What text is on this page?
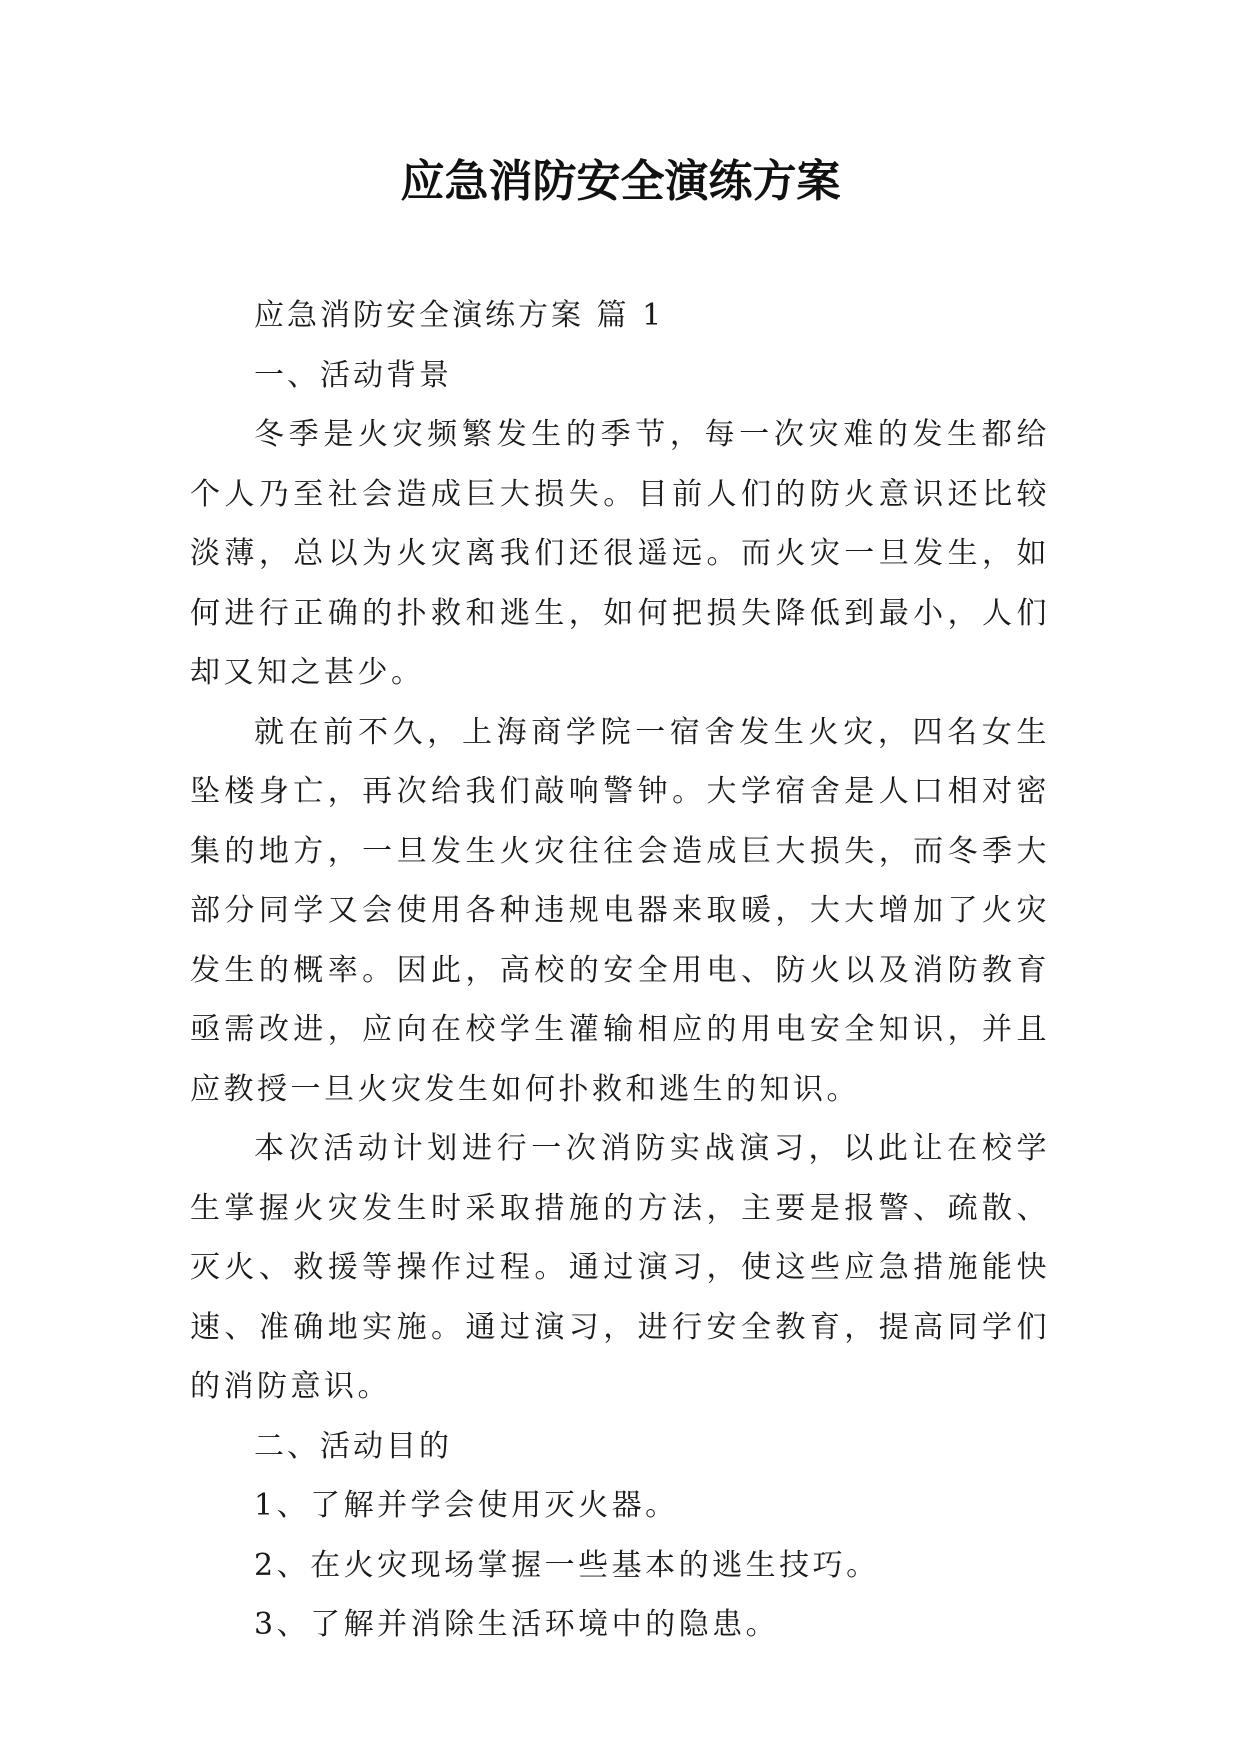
应急消防安全演练方案

应急消防安全演练方案 篇 1

一、活动背景

冬季是火灾频繁发生的季节，每一次灾难的发生都给个人乃至社会造成巨大损失。目前人们的防火意识还比较淡薄，总以为火灾离我们还很遥远。而火灾一旦发生，如何进行正确的扑救和逃生，如何把损失降低到最小，人们却又知之甚少。

就在前不久，上海商学院一宿舍发生火灾，四名女生坠楼身亡，再次给我们敲响警钟。大学宿舍是人口相对密集的地方，一旦发生火灾往往会造成巨大损失，而冬季大部分同学又会使用各种违规电器来取暖，大大增加了火灾发生的概率。因此，高校的安全用电、防火以及消防教育亟需改进，应向在校学生灌输相应的用电安全知识，并且应教授一旦火灾发生如何扑救和逃生的知识。

本次活动计划进行一次消防实战演习，以此让在校学生掌握火灾发生时采取措施的方法，主要是报警、疏散、灭火、救援等操作过程。通过演习，使这些应急措施能快速、准确地实施。通过演习，进行安全教育，提高同学们的消防意识。

二、活动目的

1、了解并学会使用灭火器。

2、在火灾现场掌握一些基本的逃生技巧。

3、了解并消除生活环境中的隐患。
